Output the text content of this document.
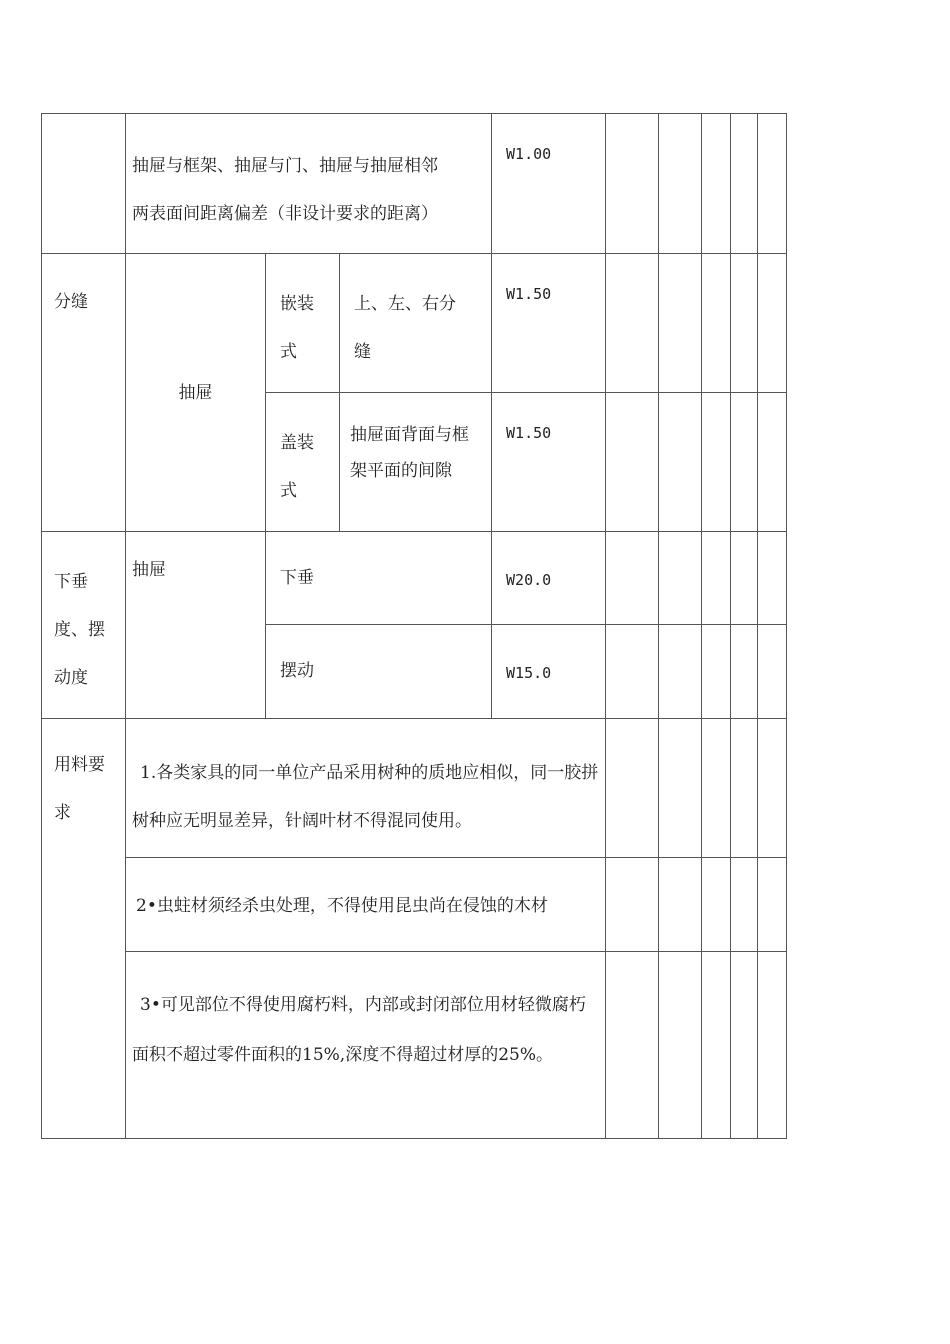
	抽屉与框架、抽屉与门、抽屉与抽屉相邻
两表面间距离偏差（非设计要求的距离）			W1.00					

分缝	抽屉	嵌装式	上、左、右分缝	W1.50					

		盖装式	抽屉面背面与框架平面的间隙	W1.50					

下垂度、摆动度	抽屉	下垂		W20.0					

		摆动		W15.0					

用料要求	1.各类家具的同一单位产品采用树种的质地应相似，同一胶拼树种应无明显差异，针阔叶材不得混同使用。								

	2•虫蛀材须经杀虫处理，不得使用昆虫尚在侵蚀的木材								

	3•可见部位不得使用腐朽料，内部或封闭部位用材轻微腐朽面积不超过零件面积的15%,深度不得超过材厚的25%。								
